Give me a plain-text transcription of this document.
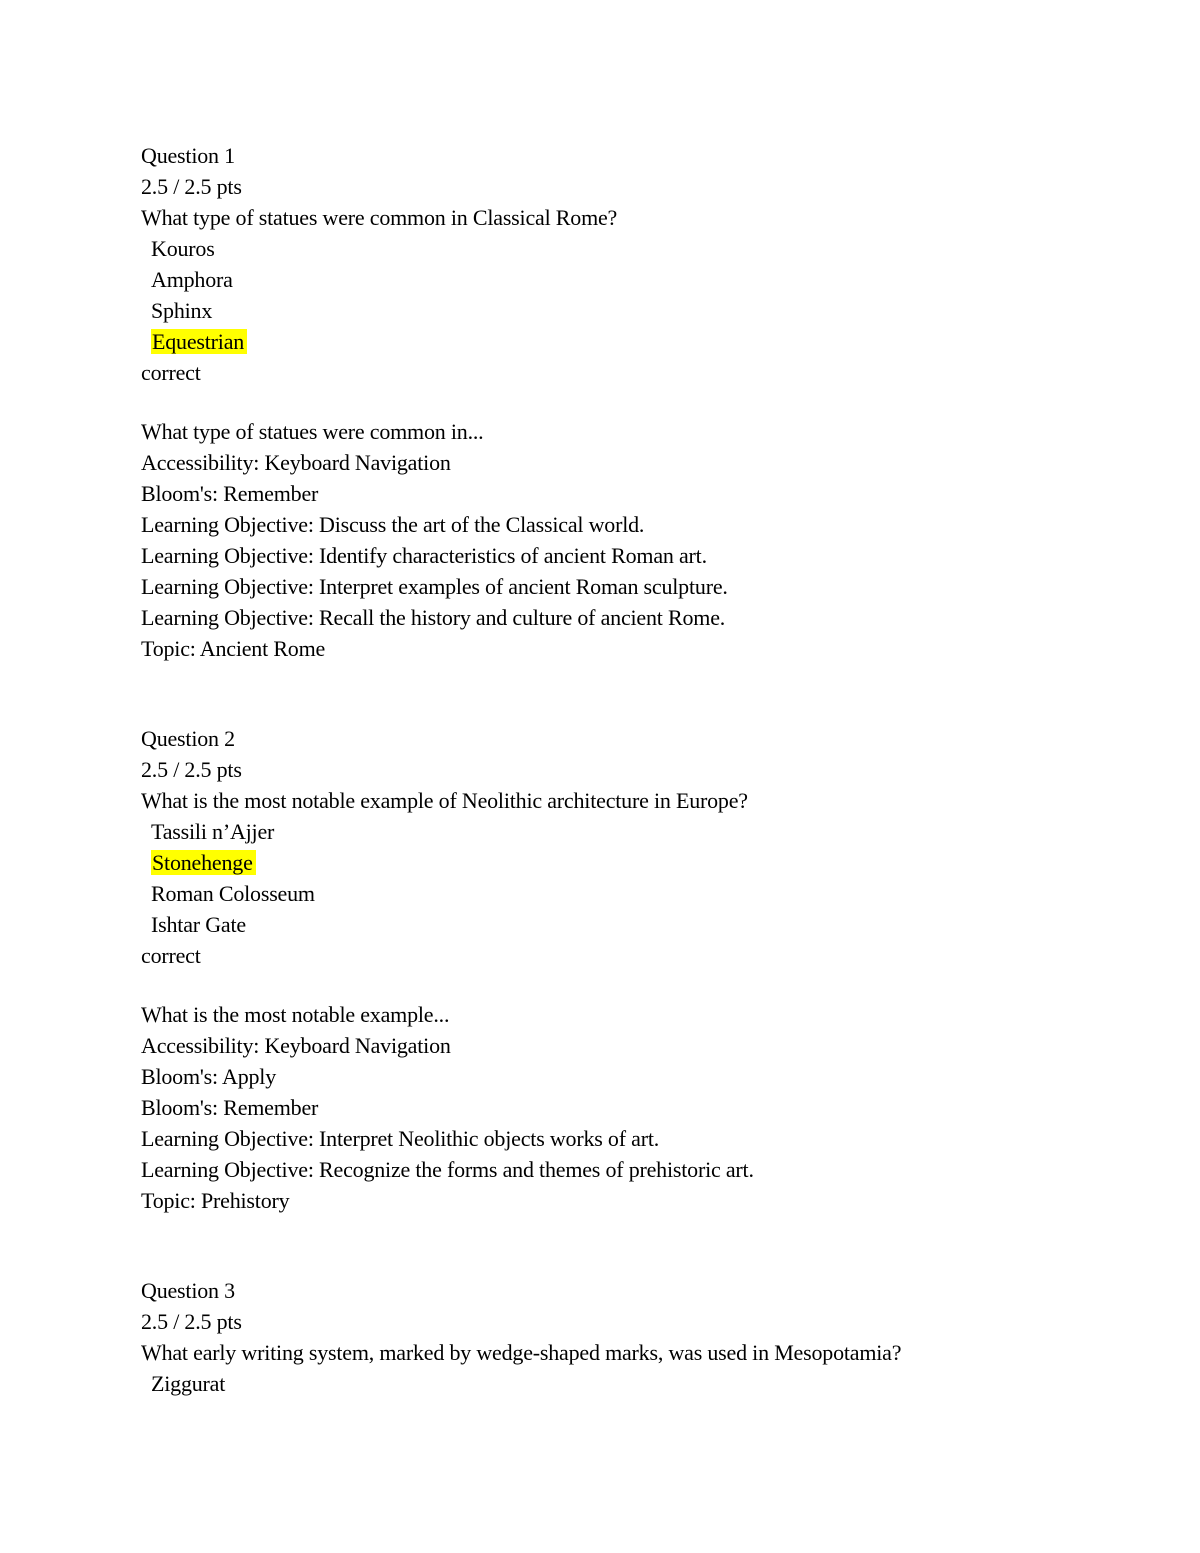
Question 1
2.5 / 2.5 pts
What type of statues were common in Classical Rome?
Kouros
Amphora
Sphinx
Equestrian
correct
What type of statues were common in...
Accessibility: Keyboard Navigation
Bloom's: Remember
Learning Objective: Discuss the art of the Classical world.
Learning Objective: Identify characteristics of ancient Roman art.
Learning Objective: Interpret examples of ancient Roman sculpture.
Learning Objective: Recall the history and culture of ancient Rome.
Topic: Ancient Rome
Question 2
2.5 / 2.5 pts
What is the most notable example of Neolithic architecture in Europe?
Tassili n’Ajjer
Stonehenge
Roman Colosseum
Ishtar Gate
correct
What is the most notable example...
Accessibility: Keyboard Navigation
Bloom's: Apply
Bloom's: Remember
Learning Objective: Interpret Neolithic objects works of art.
Learning Objective: Recognize the forms and themes of prehistoric art.
Topic: Prehistory
Question 3
2.5 / 2.5 pts
What early writing system, marked by wedge-shaped marks, was used in Mesopotamia?
Ziggurat
